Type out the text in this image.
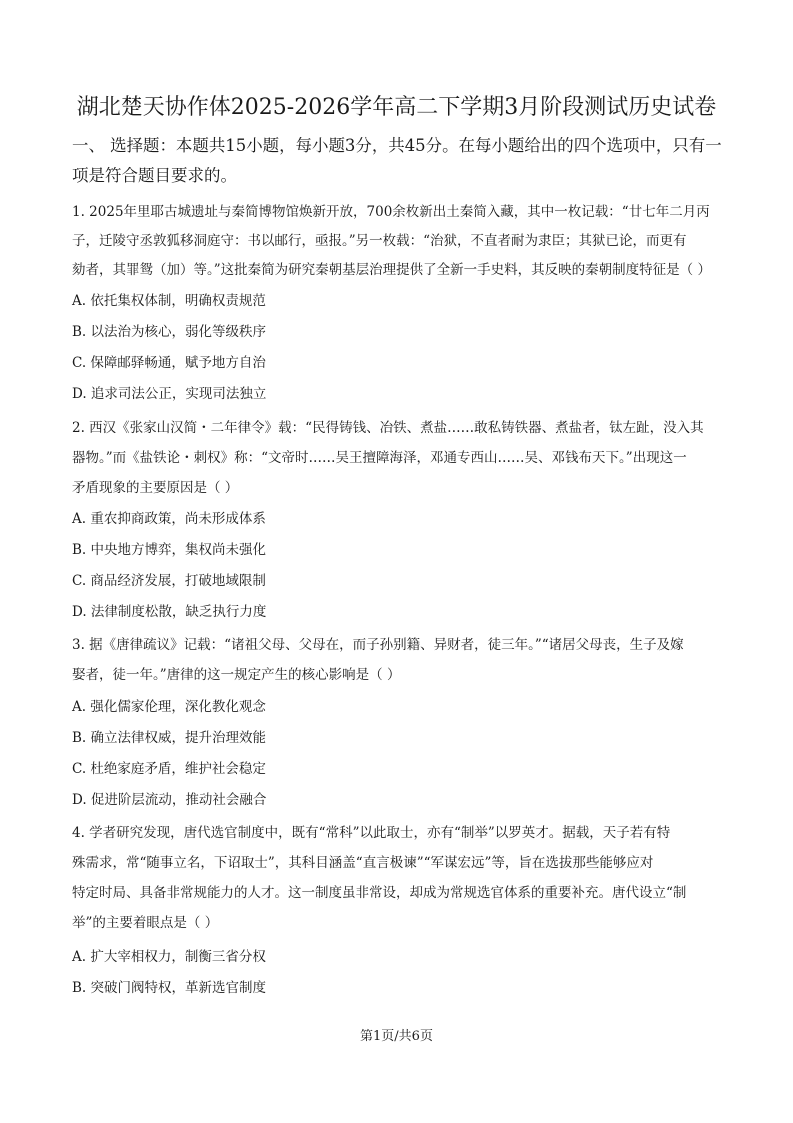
湖北楚天协作体2025-2026学年高二下学期3月阶段测试历史试卷
一、 选择题：本题共15小题，每小题3分，共45分。在每小题给出的四个选项中，只有一
项是符合题目要求的。
1. 2025年里耶古城遗址与秦简博物馆焕新开放，700余枚新出土秦简入藏，其中一枚记载：“廿七年二月丙
子，迁陵守丞敦狐移洞庭守：书以邮行，亟报。”另一枚载：“治狱，不直者耐为隶臣；其狱已论，而更有
劾者，其罪鸳（加）等。”这批秦简为研究秦朝基层治理提供了全新一手史料，其反映的秦朝制度特征是（ ）
A. 依托集权体制，明确权责规范
B. 以法治为核心，弱化等级秩序
C. 保障邮驿畅通，赋予地方自治
D. 追求司法公正，实现司法独立
2. 西汉《张家山汉简・二年律令》载：“民得铸钱、冶铁、煮盐……敢私铸铁器、煮盐者，钛左趾，没入其
器物。”而《盐铁论・刺权》称：“文帝时……吴王擅障海泽，邓通专西山……吴、邓钱布天下。”出现这一
矛盾现象的主要原因是（ ）
A. 重农抑商政策，尚未形成体系
B. 中央地方博弈，集权尚未强化
C. 商品经济发展，打破地域限制
D. 法律制度松散，缺乏执行力度
3. 据《唐律疏议》记载：“诸祖父母、父母在，而子孙别籍、异财者，徒三年。”“诸居父母丧，生子及嫁
娶者，徒一年。”唐律的这一规定产生的核心影响是（ ）
A. 强化儒家伦理，深化教化观念
B. 确立法律权威，提升治理效能
C. 杜绝家庭矛盾，维护社会稳定
D. 促进阶层流动，推动社会融合
4. 学者研究发现，唐代选官制度中，既有“常科”以此取士，亦有“制举”以罗英才。据载，天子若有特
殊需求，常“随事立名，下诏取士”，其科目涵盖“直言极谏”“军谋宏远”等，旨在选拔那些能够应对
特定时局、具备非常规能力的人才。这一制度虽非常设，却成为常规选官体系的重要补充。唐代设立“制
举”的主要着眼点是（ ）
A. 扩大宰相权力，制衡三省分权
B. 突破门阀特权，革新选官制度
第1页/共6页
